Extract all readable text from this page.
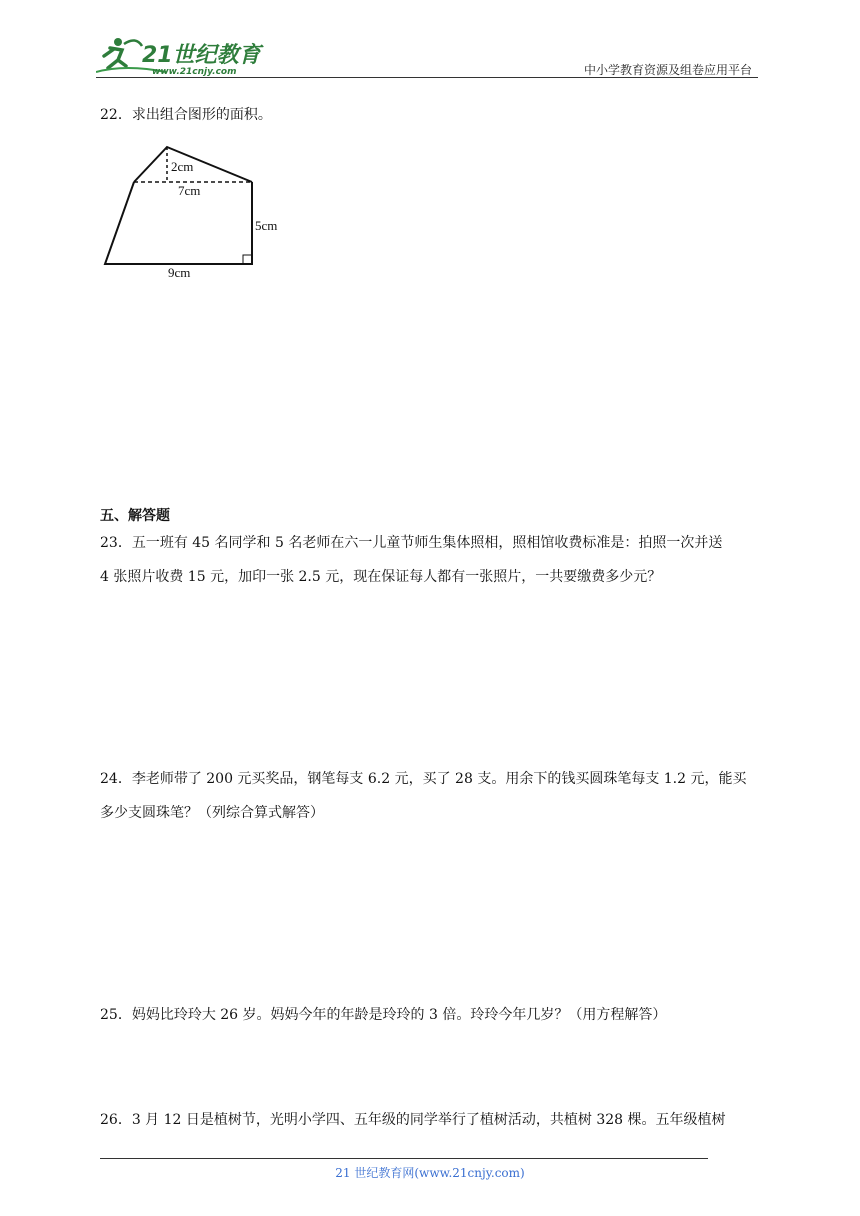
21世纪教育
www.21cnjy.com	中小学教育资源及组卷应用平台

22．求出组合图形的面积。

2cm
7cm
5cm
9cm
五、解答题

23．五一班有 45 名同学和 5 名老师在六一儿童节师生集体照相，照相馆收费标准是：拍照一次并送

4 张照片收费 15 元，加印一张 2.5 元，现在保证每人都有一张照片，一共要缴费多少元？

24．李老师带了 200 元买奖品，钢笔每支 6.2 元，买了 28 支。用余下的钱买圆珠笔每支 1.2 元，能买

多少支圆珠笔？（列综合算式解答）

25．妈妈比玲玲大 26 岁。妈妈今年的年龄是玲玲的 3 倍。玲玲今年几岁？（用方程解答）

26．3 月 12 日是植树节，光明小学四、五年级的同学举行了植树活动，共植树 328 棵。五年级植树

21 世纪教育网(www.21cnjy.com)
